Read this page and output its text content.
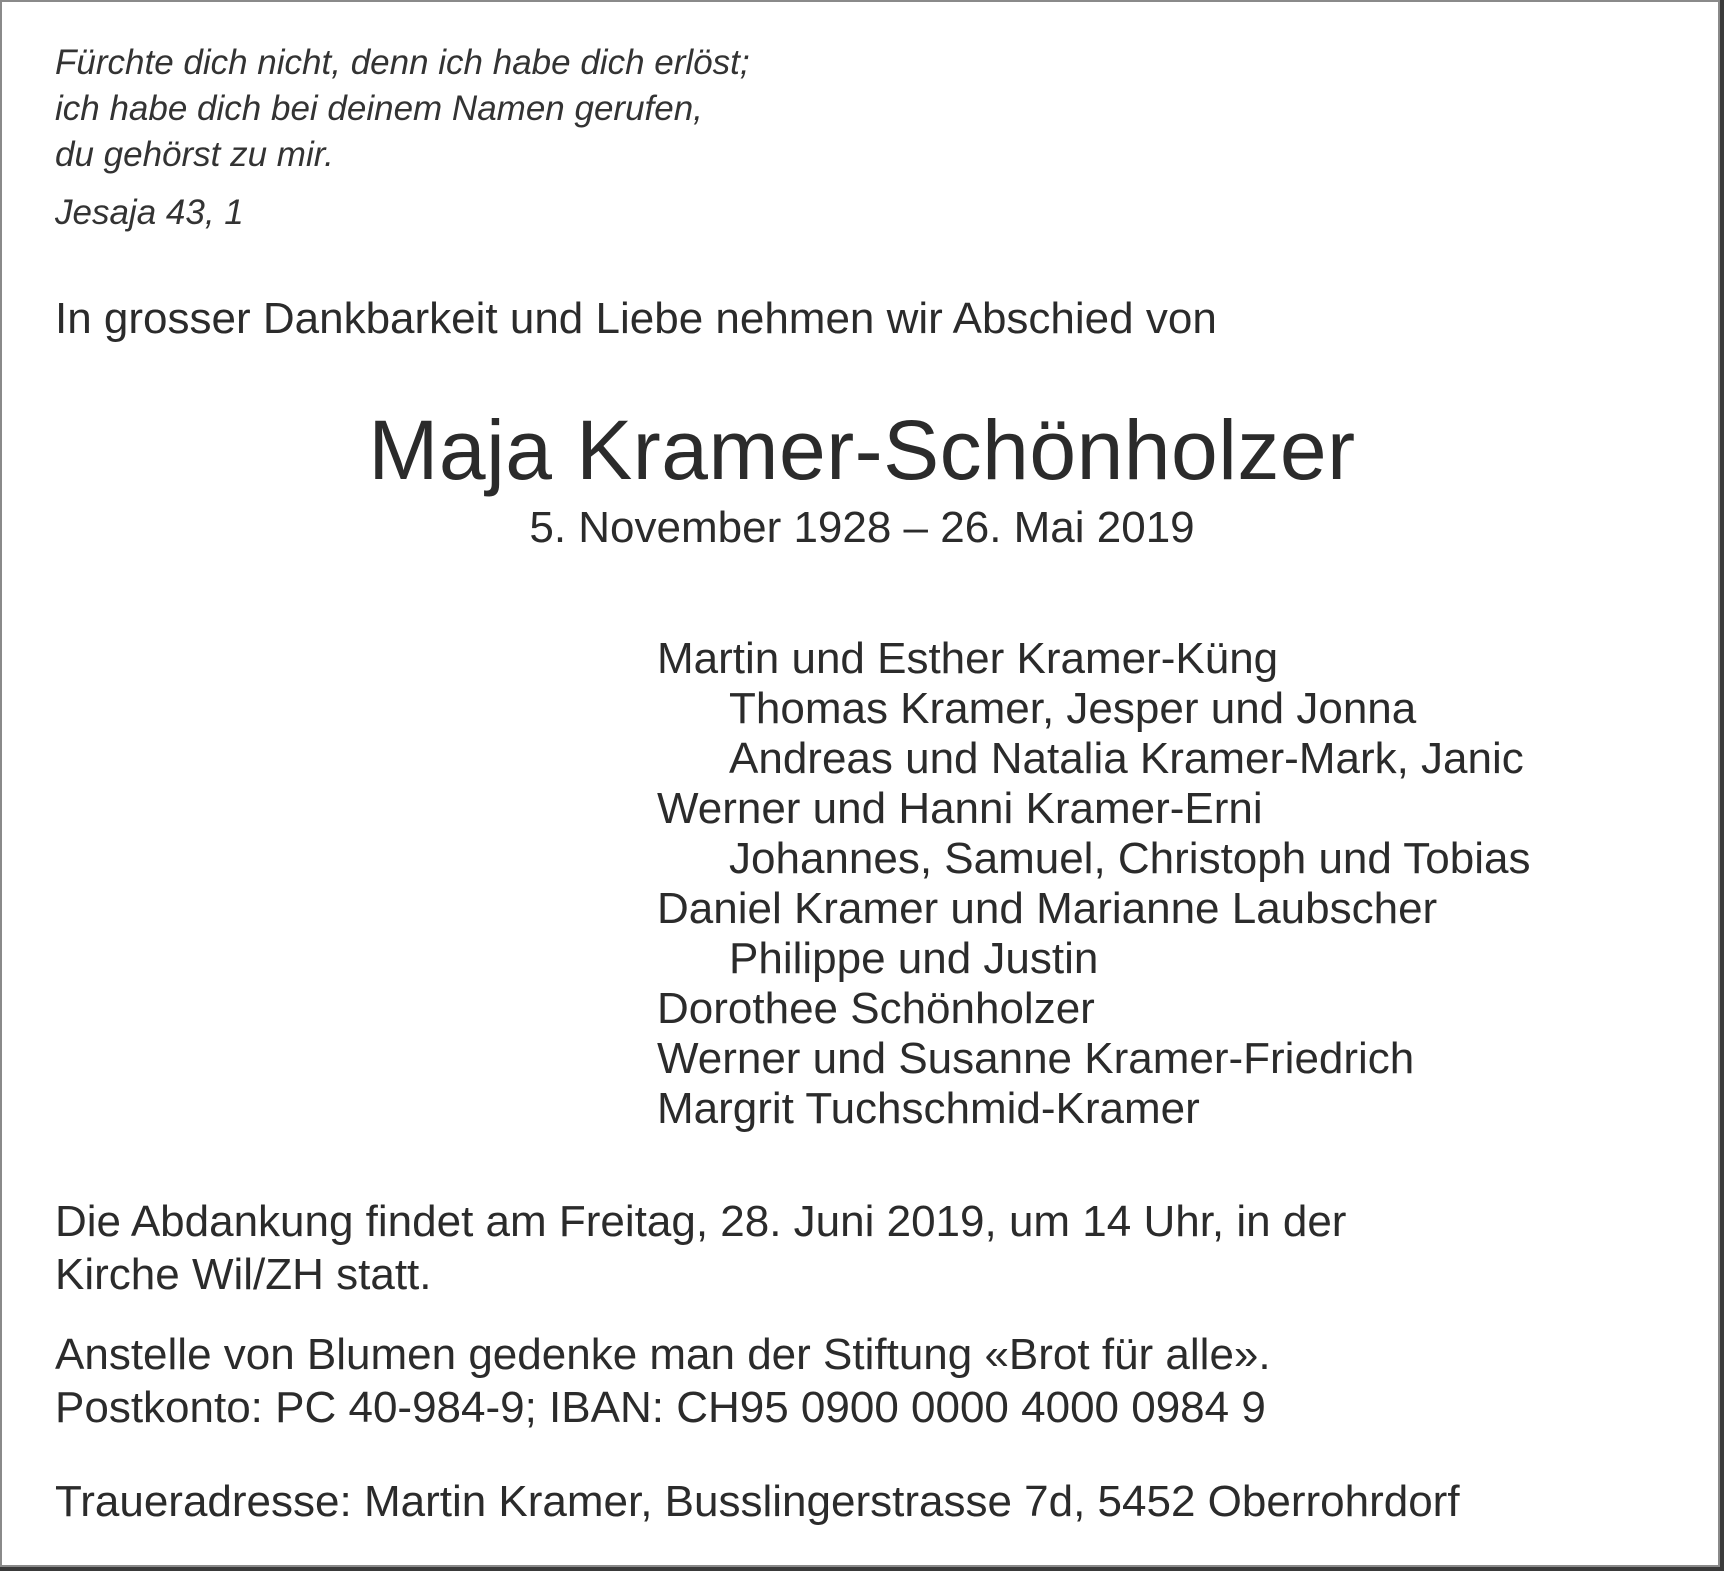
Fürchte dich nicht, denn ich habe dich erlöst;
ich habe dich bei deinem Namen gerufen,
du gehörst zu mir.
Jesaja 43, 1
In grosser Dankbarkeit und Liebe nehmen wir Abschied von
Maja Kramer-Schönholzer
5. November 1928 – 26. Mai 2019
Martin und Esther Kramer-Küng
Thomas Kramer, Jesper und Jonna
Andreas und Natalia Kramer-Mark, Janic
Werner und Hanni Kramer-Erni
Johannes, Samuel, Christoph und Tobias
Daniel Kramer und Marianne Laubscher
Philippe und Justin
Dorothee Schönholzer
Werner und Susanne Kramer-Friedrich
Margrit Tuchschmid-Kramer
Die Abdankung findet am Freitag, 28. Juni 2019, um 14 Uhr, in der
Kirche Wil/ZH statt.
Anstelle von Blumen gedenke man der Stiftung «Brot für alle».
Postkonto: PC 40-984-9; IBAN: CH95 0900 0000 4000 0984 9
Traueradresse: Martin Kramer, Busslingerstrasse 7d, 5452 Oberrohrdorf
